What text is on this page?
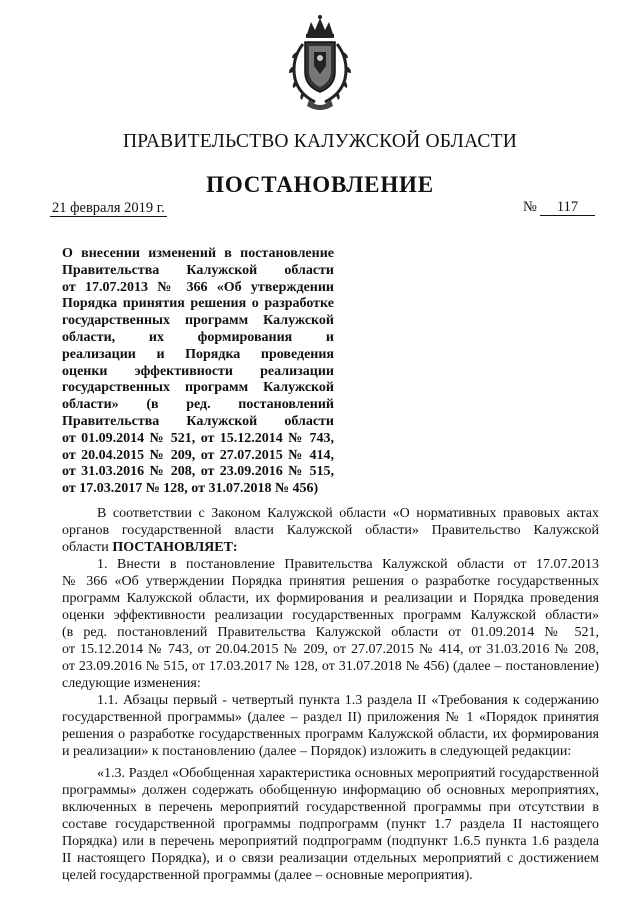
ПРАВИТЕЛЬСТВО КАЛУЖСКОЙ ОБЛАСТИ
ПОСТАНОВЛЕНИЕ
21 февраля 2019 г.	№	117
О внесении изменений в постановление
Правительства Калужской области
от 17.07.2013 № 366 «Об утверждении
Порядка принятия решения о разработке
государственных программ Калужской
области, их формирования и
реализации и Порядка проведения
оценки эффективности реализации
государственных программ Калужской
области» (в ред. постановлений
Правительства Калужской области
от 01.09.2014 № 521, от 15.12.2014 № 743,
от 20.04.2015 № 209, от 27.07.2015 № 414,
от 31.03.2016 № 208, от 23.09.2016 № 515,
от 17.03.2017 № 128, от 31.07.2018 № 456)
В соответствии с Законом Калужской области «О нормативных правовых актах
органов государственной власти Калужской области» Правительство Калужской
области ПОСТАНОВЛЯЕТ:
1. Внести в постановление Правительства Калужской области от 17.07.2013
№ 366 «Об утверждении Порядка принятия решения о разработке государственных
программ Калужской области, их формирования и реализации и Порядка проведения
оценки эффективности реализации государственных программ Калужской области»
(в ред. постановлений Правительства Калужской области от 01.09.2014 № 521,
от 15.12.2014 № 743, от 20.04.2015 № 209, от 27.07.2015 № 414, от 31.03.2016 № 208,
от 23.09.2016 № 515, от 17.03.2017 № 128, от 31.07.2018 № 456) (далее – постановление)
следующие изменения:
1.1. Абзацы первый - четвертый пункта 1.3 раздела II «Требования к содержанию
государственной программы» (далее – раздел II) приложения № 1 «Порядок принятия
решения о разработке государственных программ Калужской области, их формирования
и реализации» к постановлению (далее – Порядок) изложить в следующей редакции:
«1.3. Раздел «Обобщенная характеристика основных мероприятий государственной
программы» должен содержать обобщенную информацию об основных мероприятиях,
включенных в перечень мероприятий государственной программы при отсутствии в
составе государственной программы подпрограмм (пункт 1.7 раздела II настоящего
Порядка) или в перечень мероприятий подпрограмм (подпункт 1.6.5 пункта 1.6 раздела
II настоящего Порядка), и о связи реализации отдельных мероприятий с достижением
целей государственной программы (далее – основные мероприятия).
